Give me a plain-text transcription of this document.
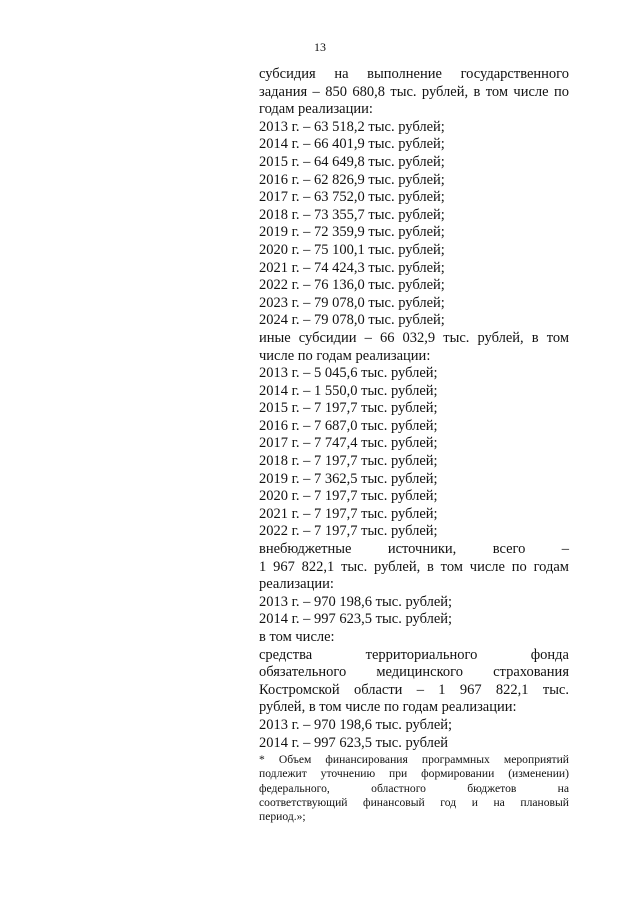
13
субсидия на выполнение государственного
задания – 850 680,8 тыс. рублей, в том числе по
годам реализации:
2013 г. – 63 518,2 тыс. рублей;
2014 г. – 66 401,9 тыс. рублей;
2015 г. – 64 649,8 тыс. рублей;
2016 г. – 62 826,9 тыс. рублей;
2017 г. – 63 752,0 тыс. рублей;
2018 г. – 73 355,7 тыс. рублей;
2019 г. – 72 359,9 тыс. рублей;
2020 г. – 75 100,1 тыс. рублей;
2021 г. – 74 424,3 тыс. рублей;
2022 г. – 76 136,0 тыс. рублей;
2023 г. – 79 078,0 тыс. рублей;
2024 г. – 79 078,0 тыс. рублей;
иные субсидии – 66 032,9 тыс. рублей, в том
числе по годам реализации:
2013 г. – 5 045,6 тыс. рублей;
2014 г. – 1 550,0 тыс. рублей;
2015 г. – 7 197,7 тыс. рублей;
2016 г. – 7 687,0 тыс. рублей;
2017 г. – 7 747,4 тыс. рублей;
2018 г. – 7 197,7 тыс. рублей;
2019 г. – 7 362,5 тыс. рублей;
2020 г. – 7 197,7 тыс. рублей;
2021 г. – 7 197,7 тыс. рублей;
2022 г. – 7 197,7 тыс. рублей;
внебюджетные источники, всего –
1 967 822,1 тыс. рублей, в том числе по годам
реализации:
2013 г. – 970 198,6 тыс. рублей;
2014 г. – 997 623,5 тыс. рублей;
в том числе:
средства территориального фонда
обязательного медицинского страхования
Костромской области – 1 967 822,1 тыс.
рублей, в том числе по годам реализации:
2013 г. – 970 198,6 тыс. рублей;
2014 г. – 997 623,5 тыс. рублей
* Объем финансирования программных мероприятий
подлежит уточнению при формировании (изменении)
федерального, областного бюджетов на
соответствующий финансовый год и на плановый
период.»;
